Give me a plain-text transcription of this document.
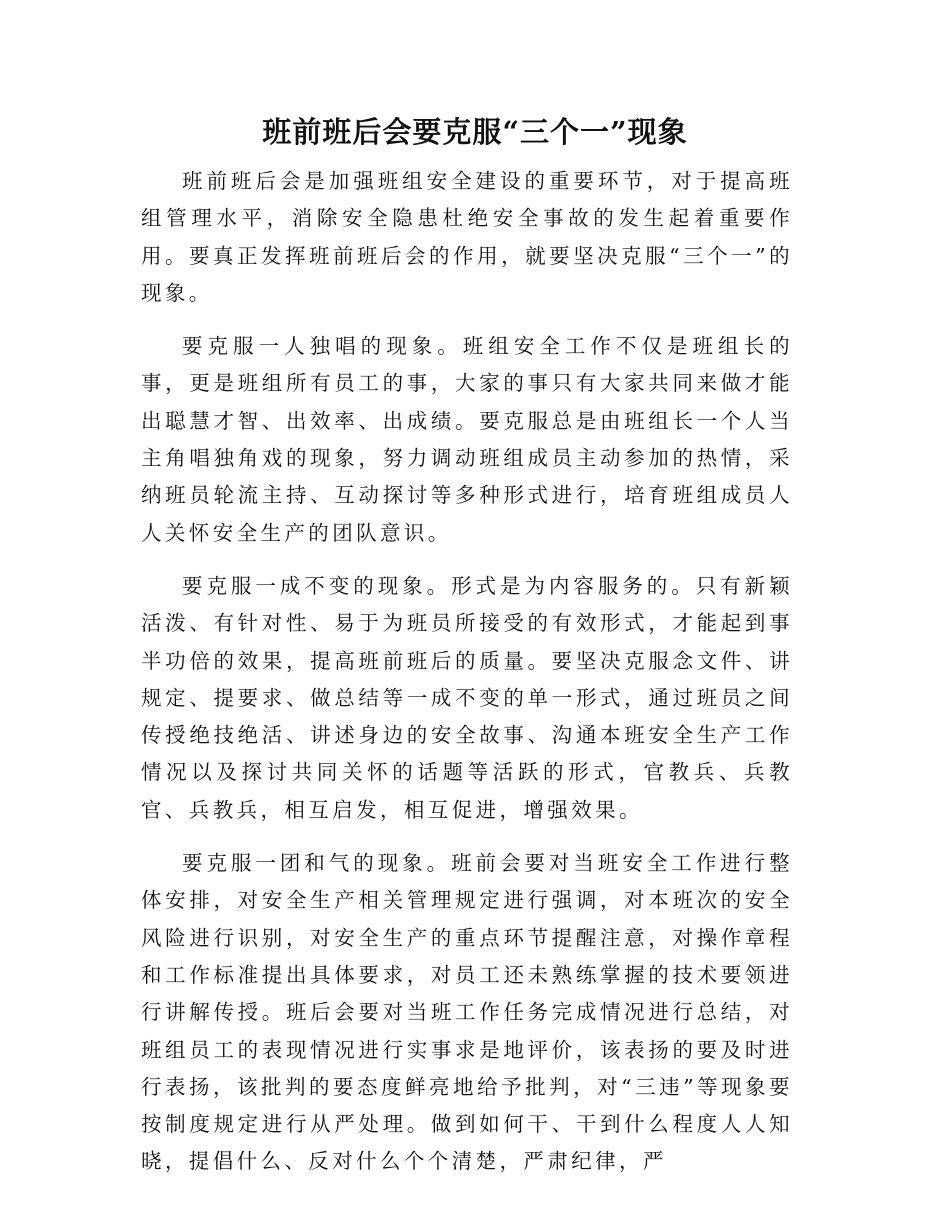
班前班后会要克服“三个一”现象

班前班后会是加强班组安全建设的重要环节，对于提高班组管理水平，消除安全隐患杜绝安全事故的发生起着重要作用。要真正发挥班前班后会的作用，就要坚决克服“三个一”的现象。

要克服一人独唱的现象。班组安全工作不仅是班组长的事，更是班组所有员工的事，大家的事只有大家共同来做才能出聪慧才智、出效率、出成绩。要克服总是由班组长一个人当主角唱独角戏的现象，努力调动班组成员主动参加的热情，采纳班员轮流主持、互动探讨等多种形式进行，培育班组成员人人关怀安全生产的团队意识。

要克服一成不变的现象。形式是为内容服务的。只有新颖活泼、有针对性、易于为班员所接受的有效形式，才能起到事半功倍的效果，提高班前班后的质量。要坚决克服念文件、讲规定、提要求、做总结等一成不变的单一形式，通过班员之间传授绝技绝活、讲述身边的安全故事、沟通本班安全生产工作情况以及探讨共同关怀的话题等活跃的形式，官教兵、兵教官、兵教兵，相互启发，相互促进，增强效果。

要克服一团和气的现象。班前会要对当班安全工作进行整体安排，对安全生产相关管理规定进行强调，对本班次的安全风险进行识别，对安全生产的重点环节提醒注意，对操作章程和工作标准提出具体要求，对员工还未熟练掌握的技术要领进行讲解传授。班后会要对当班工作任务完成情况进行总结，对班组员工的表现情况进行实事求是地评价，该表扬的要及时进行表扬，该批判的要态度鲜亮地给予批判，对“三违”等现象要按制度规定进行从严处理。做到如何干、干到什么程度人人知晓，提倡什么、反对什么个个清楚，严肃纪律，严
